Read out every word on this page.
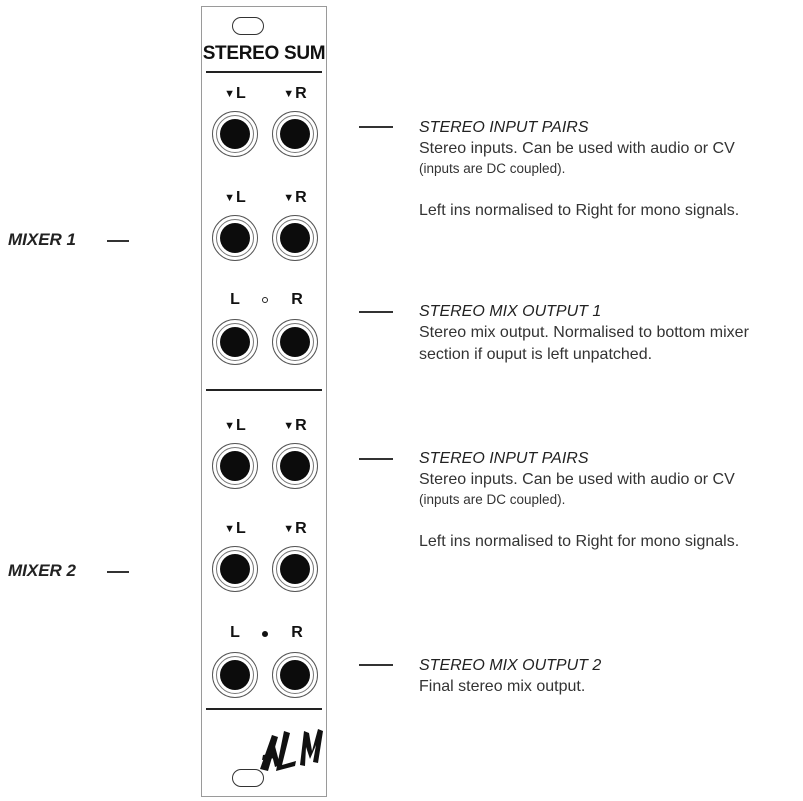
STEREO SUM
▼L	▼R
▼L	▼R
L	R
▼L	▼R
▼L	▼R
L	R
MIXER 1
MIXER 2
STEREO INPUT PAIRS
Stereo inputs. Can be used with audio or CV
(inputs are DC coupled).
Left ins normalised to Right for mono signals.
STEREO MIX OUTPUT 1
Stereo mix output. Normalised to bottom mixer
section if ouput is left unpatched.
STEREO INPUT PAIRS
Stereo inputs. Can be used with audio or CV
(inputs are DC coupled).
Left ins normalised to Right for mono signals.
STEREO MIX OUTPUT 2
Final stereo mix output.
